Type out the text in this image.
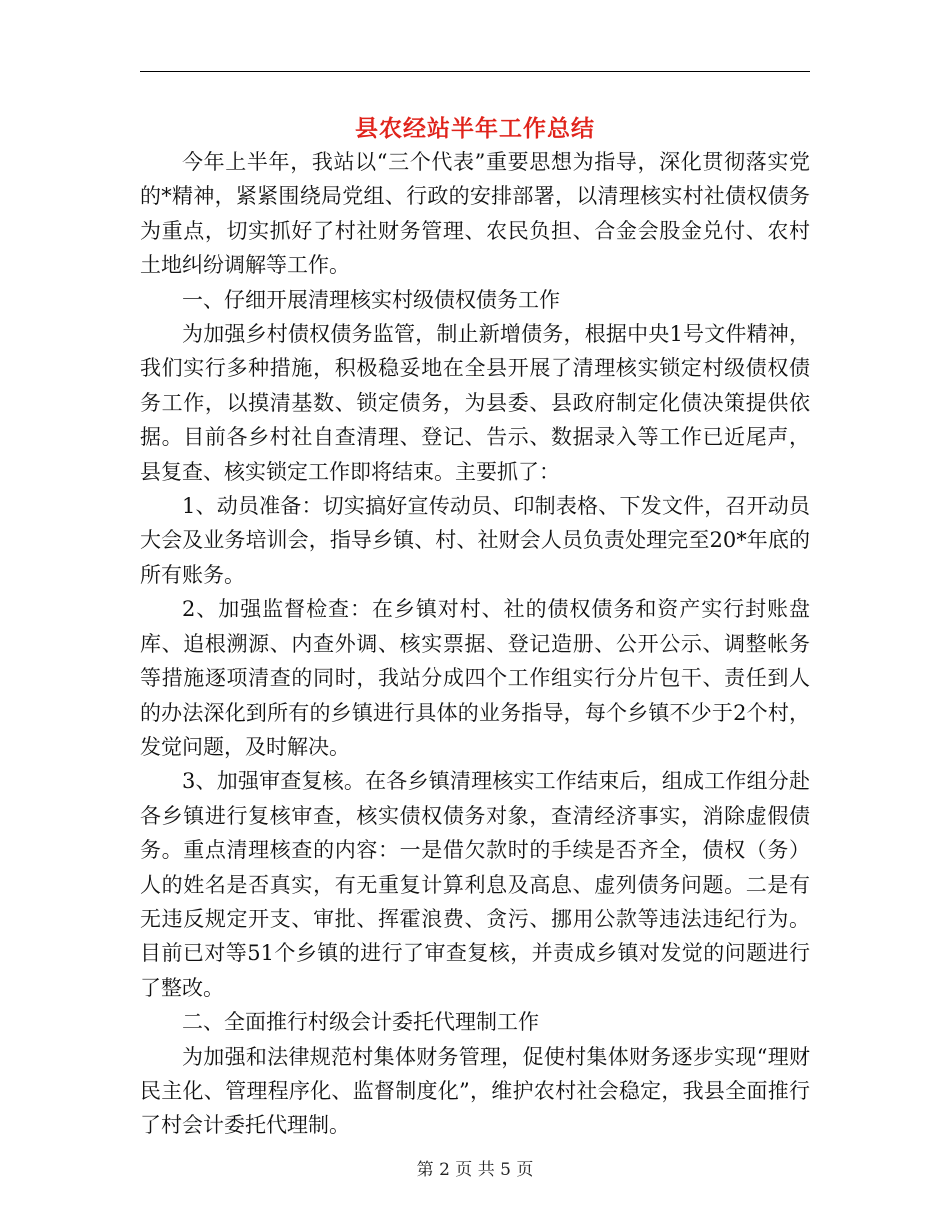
县农经站半年工作总结

今年上半年，我站以“三个代表”重要思想为指导，深化贯彻落实党的*精神，紧紧围绕局党组、行政的安排部署，以清理核实村社债权债务为重点，切实抓好了村社财务管理、农民负担、合金会股金兑付、农村土地纠纷调解等工作。

一、仔细开展清理核实村级债权债务工作

为加强乡村债权债务监管，制止新增债务，根据中央1号文件精神，我们实行多种措施，积极稳妥地在全县开展了清理核实锁定村级债权债务工作，以摸清基数、锁定债务，为县委、县政府制定化债决策提供依据。目前各乡村社自查清理、登记、告示、数据录入等工作已近尾声，县复查、核实锁定工作即将结束。主要抓了：

1、动员准备：切实搞好宣传动员、印制表格、下发文件，召开动员大会及业务培训会，指导乡镇、村、社财会人员负责处理完至20*年底的所有账务。

2、加强监督检查：在乡镇对村、社的债权债务和资产实行封账盘库、追根溯源、内查外调、核实票据、登记造册、公开公示、调整帐务等措施逐项清查的同时，我站分成四个工作组实行分片包干、责任到人的办法深化到所有的乡镇进行具体的业务指导，每个乡镇不少于2个村，发觉问题，及时解决。

3、加强审查复核。在各乡镇清理核实工作结束后，组成工作组分赴各乡镇进行复核审查，核实债权债务对象，查清经济事实，消除虚假债务。重点清理核查的内容：一是借欠款时的手续是否齐全，债权（务）人的姓名是否真实，有无重复计算利息及高息、虚列债务问题。二是有无违反规定开支、审批、挥霍浪费、贪污、挪用公款等违法违纪行为。目前已对等51个乡镇的进行了审查复核，并责成乡镇对发觉的问题进行了整改。

二、全面推行村级会计委托代理制工作

为加强和法律规范村集体财务管理，促使村集体财务逐步实现“理财民主化、管理程序化、监督制度化”，维护农村社会稳定，我县全面推行了村会计委托代理制。

第 2 页 共 5 页
